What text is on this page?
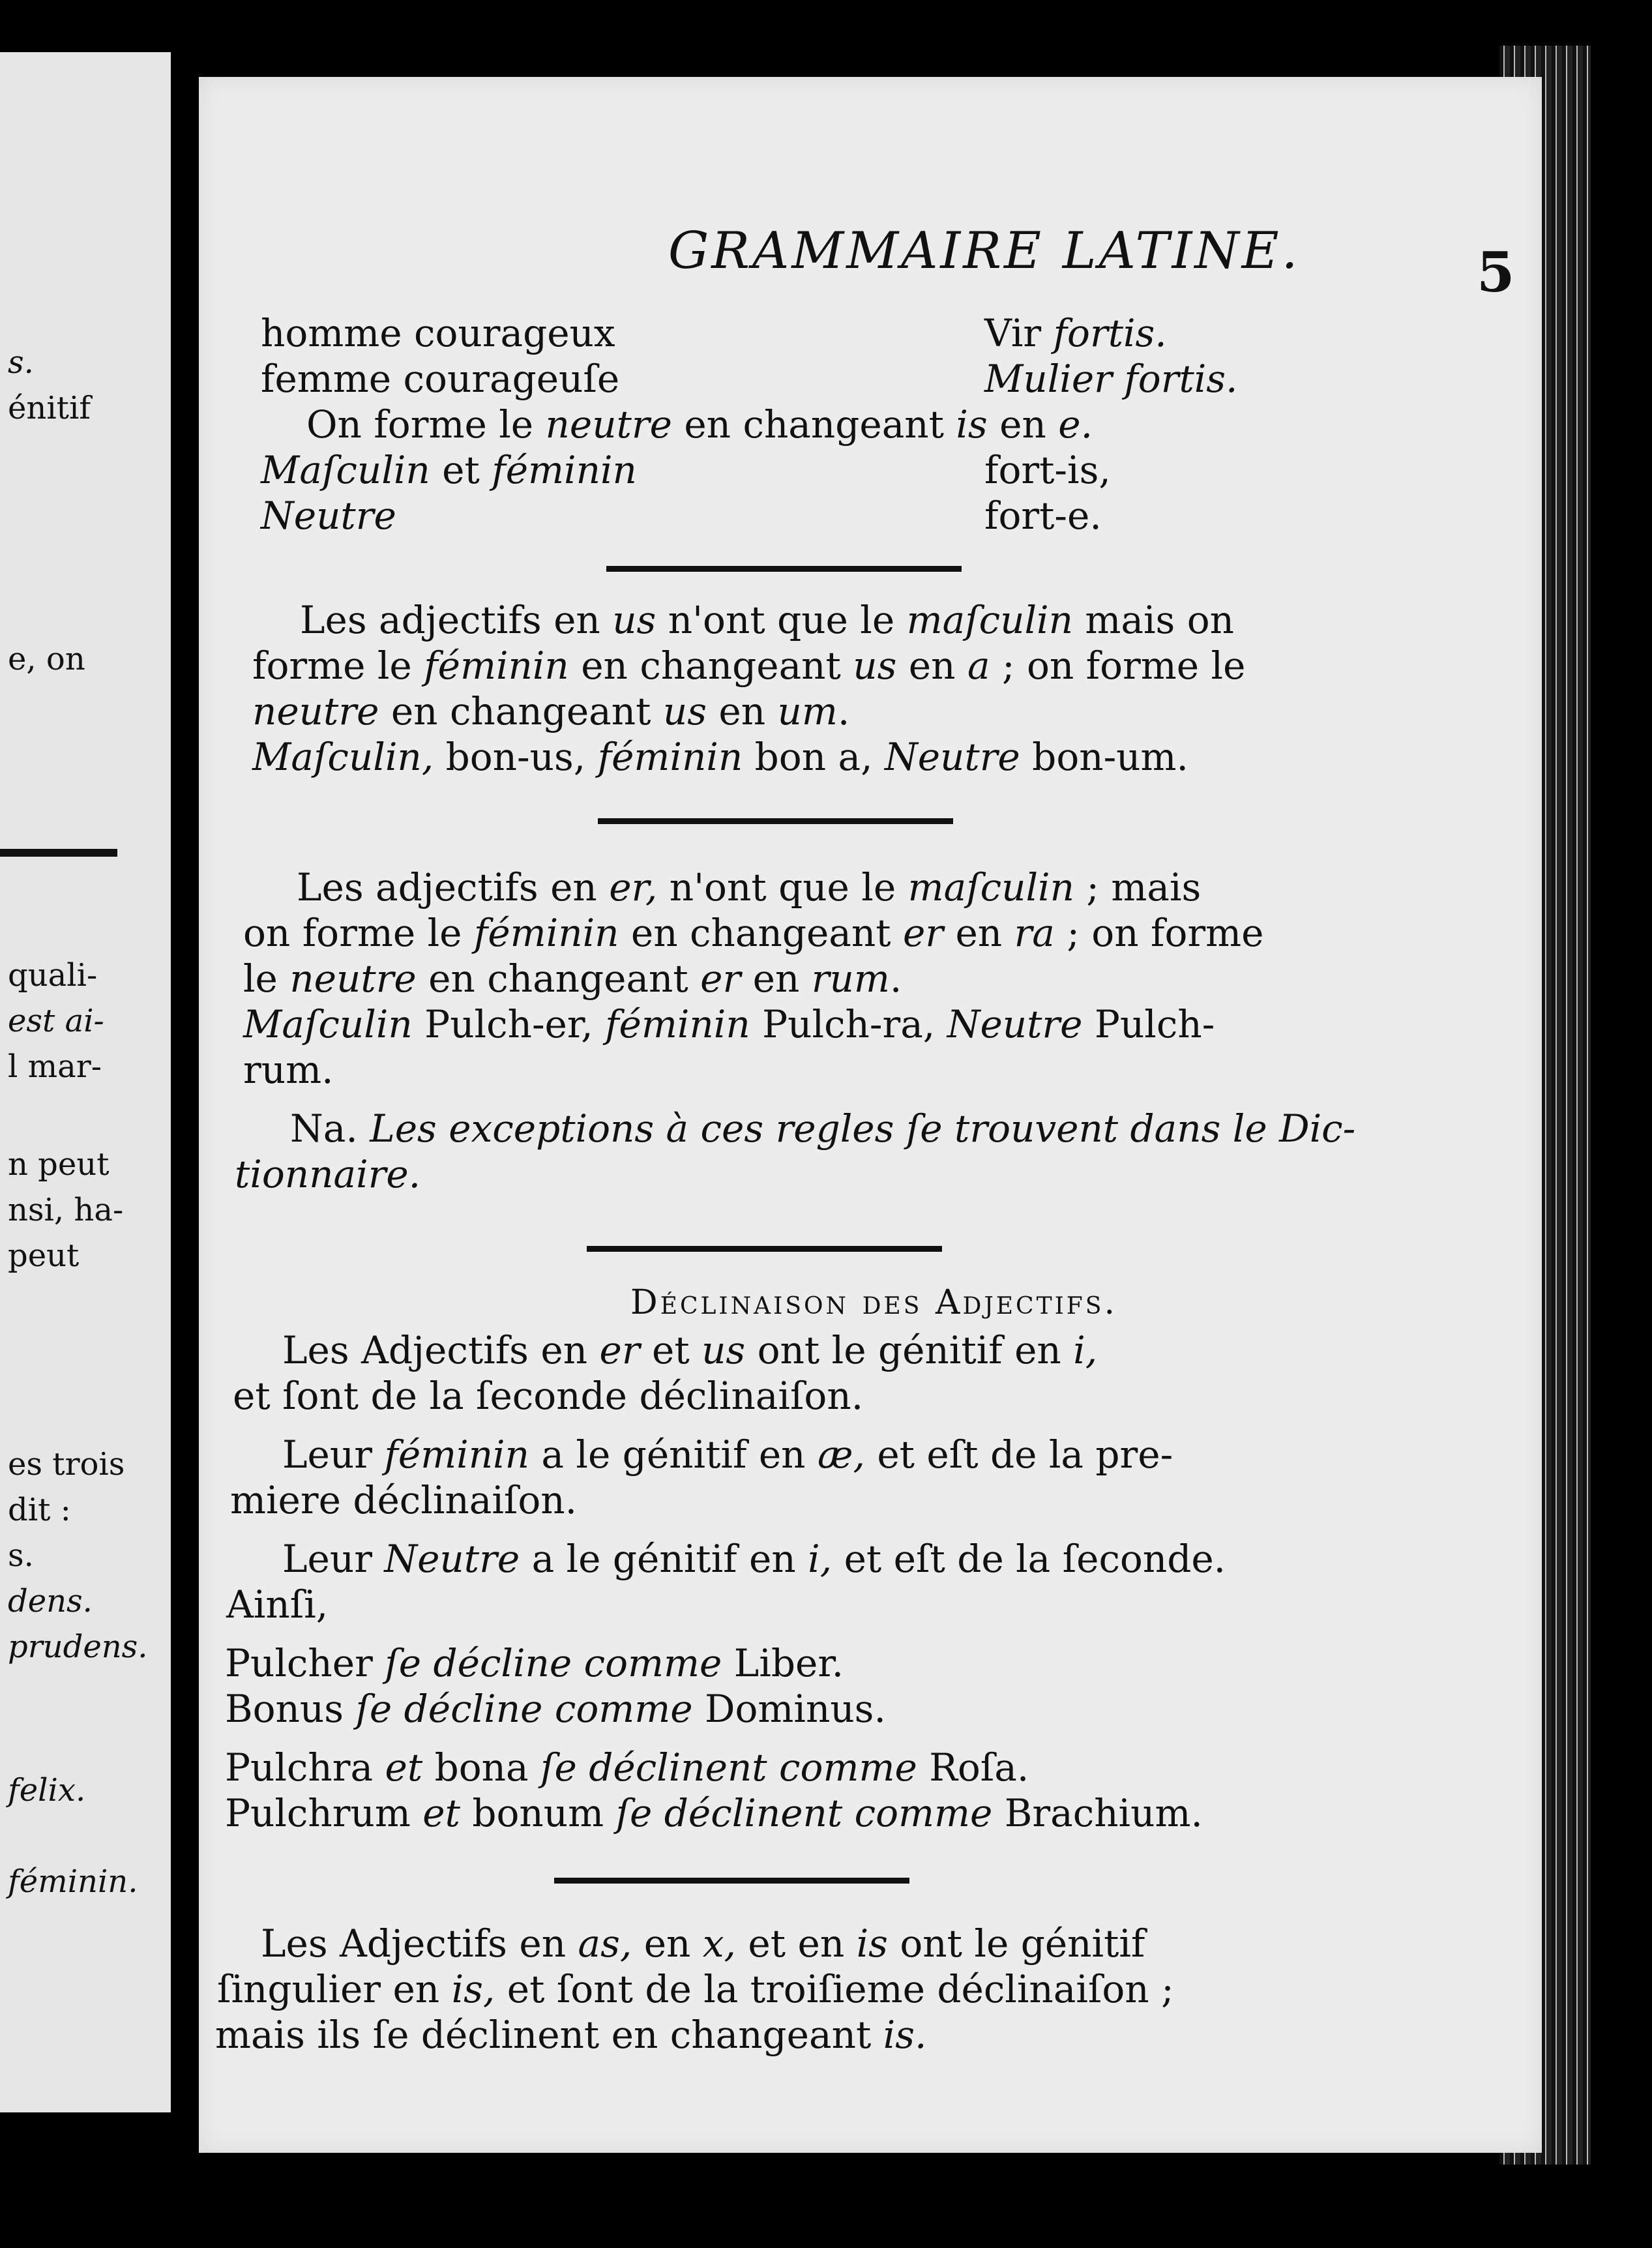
s.
énitif
e, on
quali-
est ai-
l mar-
n peut
nsi, ha-
peut
es trois
dit :
s.
dens.
prudens.
felix.
féminin.
GRAMMAIRE LATINE.	5
homme courageux	Vir fortis.
femme courageuſe	Mulier fortis.
On forme le neutre en changeant is en e.
Maſculin et féminin	fort-is,
Neutre	fort-e.
Les adjectifs en us n'ont que le maſculin mais on
forme le féminin en changeant us en a ; on forme le
neutre en changeant us en um.
Maſculin, bon-us, féminin bon a, Neutre bon-um.
Les adjectifs en er, n'ont que le maſculin ; mais
on forme le féminin en changeant er en ra ; on forme
le neutre en changeant er en rum.
Maſculin Pulch-er, féminin Pulch-ra, Neutre Pulch-
rum.
Na. Les exceptions à ces regles ſe trouvent dans le Dic-
tionnaire.
Déclinaison des Adjectifs.
Les Adjectifs en er et us ont le génitif en i,
et ſont de la ſeconde déclinaiſon.
Leur féminin a le génitif en æ, et eſt de la pre-
miere déclinaiſon.
Leur Neutre a le génitif en i, et eſt de la ſeconde.
Ainſi,
Pulcher ſe décline comme Liber.
Bonus ſe décline comme Dominus.
Pulchra et bona ſe déclinent comme Roſa.
Pulchrum et bonum ſe déclinent comme Brachium.
Les Adjectifs en as, en x, et en is ont le génitif
ſingulier en is, et ſont de la troiſieme déclinaiſon ;
mais ils ſe déclinent en changeant is.
